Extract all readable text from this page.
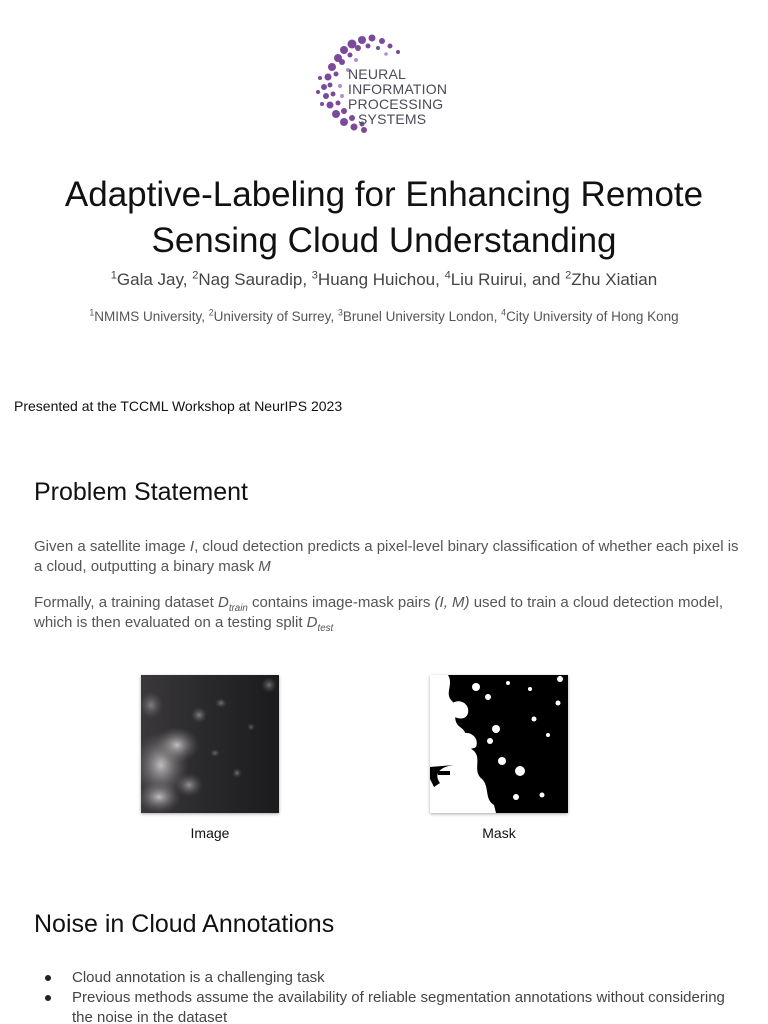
NEURAL
INFORMATION
PROCESSING
SYSTEMS
Adaptive-Labeling for Enhancing Remote
Sensing Cloud Understanding
$^1$Gala Jay, $^2$Nag Sauradip, $^3$Huang Huichou, $^4$Liu Ruirui, and $^2$Zhu Xiatian
$^1$NMIMS University, $^2$University of Surrey, $^3$Brunel University London, $^4$City University of Hong Kong
Presented at the TCCML Workshop at NeurIPS 2023
Problem Statement
Given a satellite image I, cloud detection predicts a pixel-level binary classification of whether each pixel is a cloud, outputting a binary mask M
Formally, a training dataset $D_{train}$ contains image-mask pairs (I, M) used to train a cloud detection model, which is then evaluated on a testing split $D_{test}$
Image	Mask
Noise in Cloud Annotations
Cloud annotation is a challenging task
Previous methods assume the availability of reliable segmentation annotations without considering the noise in the dataset
